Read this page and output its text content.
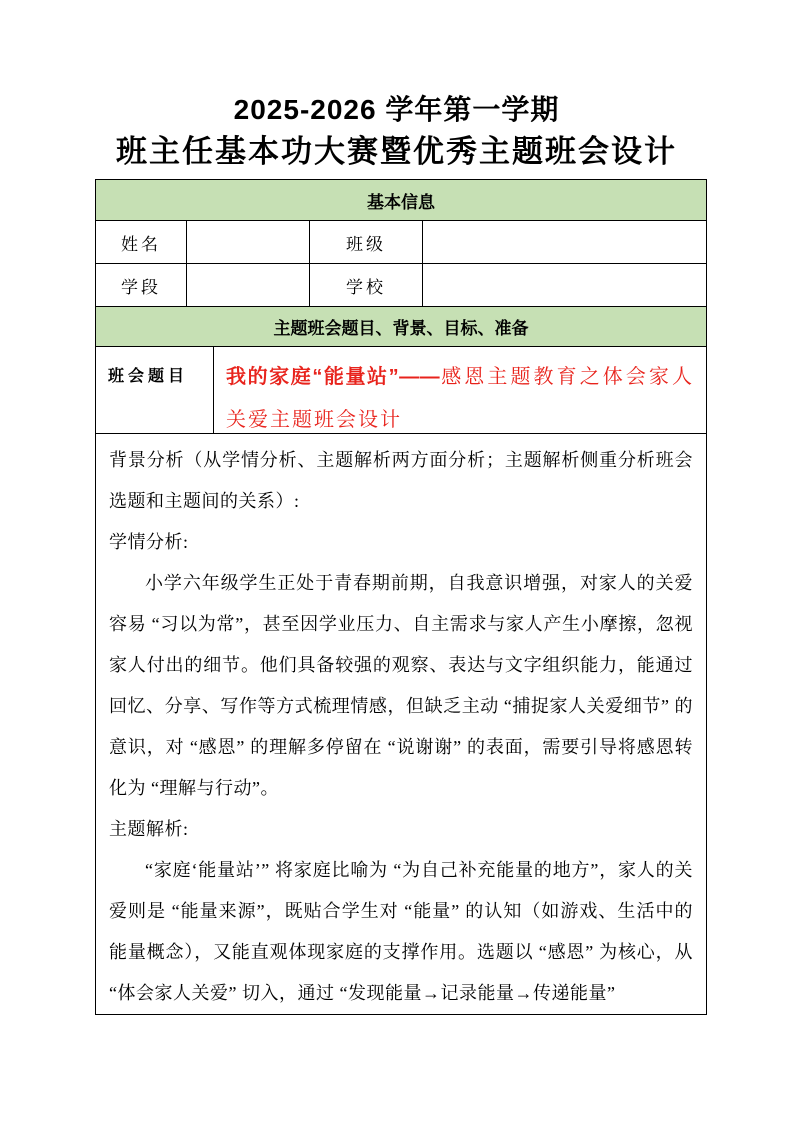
2025-2026 学年第一学期
班主任基本功大赛暨优秀主题班会设计
基本信息
姓名	班级
学段	学校
主题班会题目、背景、目标、准备
班会题目	我的家庭“能量站”——感恩主题教育之体会家人关爱主题班会设计

背景分析（从学情分析、主题解析两方面分析；主题解析侧重分析班会选题和主题间的关系）:

学情分析:

小学六年级学生正处于青春期前期，自我意识增强，对家人的关爱容易 “习以为常”，甚至因学业压力、自主需求与家人产生小摩擦，忽视家人付出的细节。他们具备较强的观察、表达与文字组织能力，能通过回忆、分享、写作等方式梳理情感，但缺乏主动 “捕捉家人关爱细节” 的意识，对 “感恩” 的理解多停留在 “说谢谢” 的表面，需要引导将感恩转化为 “理解与行动”。

主题解析:

“家庭‘能量站’” 将家庭比喻为 “为自己补充能量的地方”，家人的关爱则是 “能量来源”，既贴合学生对 “能量” 的认知（如游戏、生活中的能量概念），又能直观体现家庭的支撑作用。选题以 “感恩” 为核心，从 “体会家人关爱” 切入，通过 “发现能量→记录能量→传递能量”
